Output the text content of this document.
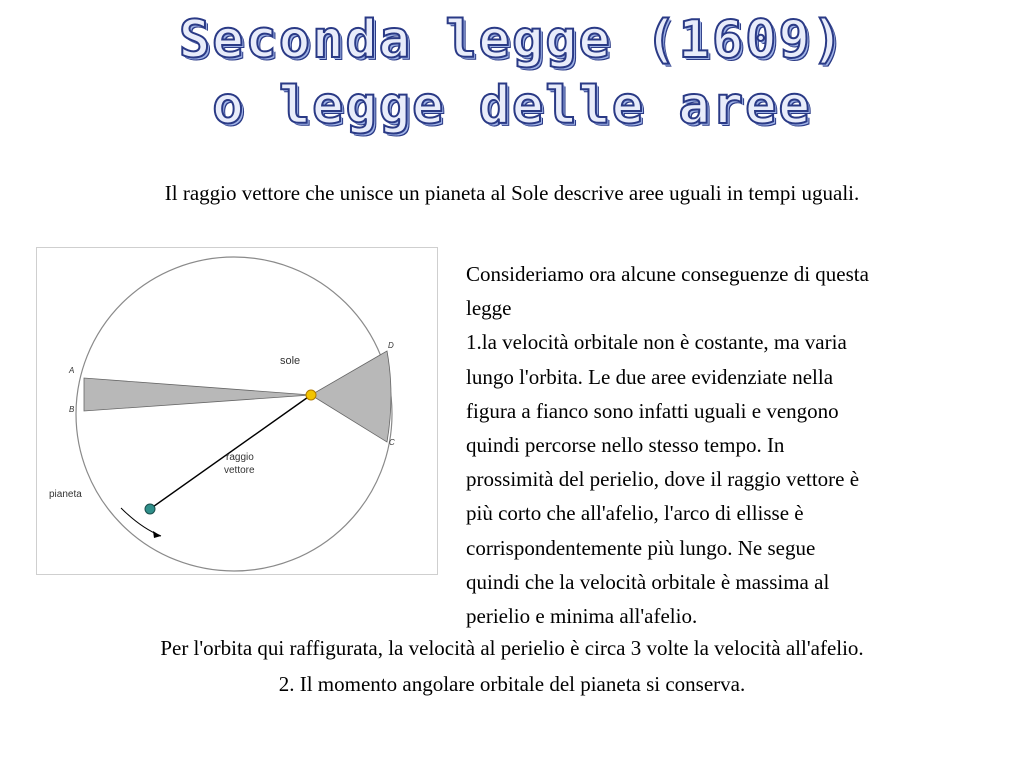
Seconda legge (1609)
o legge delle aree

Il raggio vettore che unisce un pianeta al Sole descrive aree uguali in tempi uguali.

sole
raggio
vettore
pianeta
A
B
C
D

Consideriamo ora alcune conseguenze di questa
legge
1.la velocità orbitale non è costante, ma varia
lungo l'orbita. Le due aree evidenziate nella
figura a fianco sono infatti uguali e vengono
quindi percorse nello stesso tempo. In
prossimità del perielio, dove il raggio vettore è
più corto che all'afelio, l'arco di ellisse è
corrispondentemente più lungo. Ne segue
quindi che la velocità orbitale è massima al
perielio e minima all'afelio.

Per l'orbita qui raffigurata, la velocità al perielio è circa 3 volte la velocità all'afelio.

2. Il momento angolare orbitale del pianeta si conserva.
